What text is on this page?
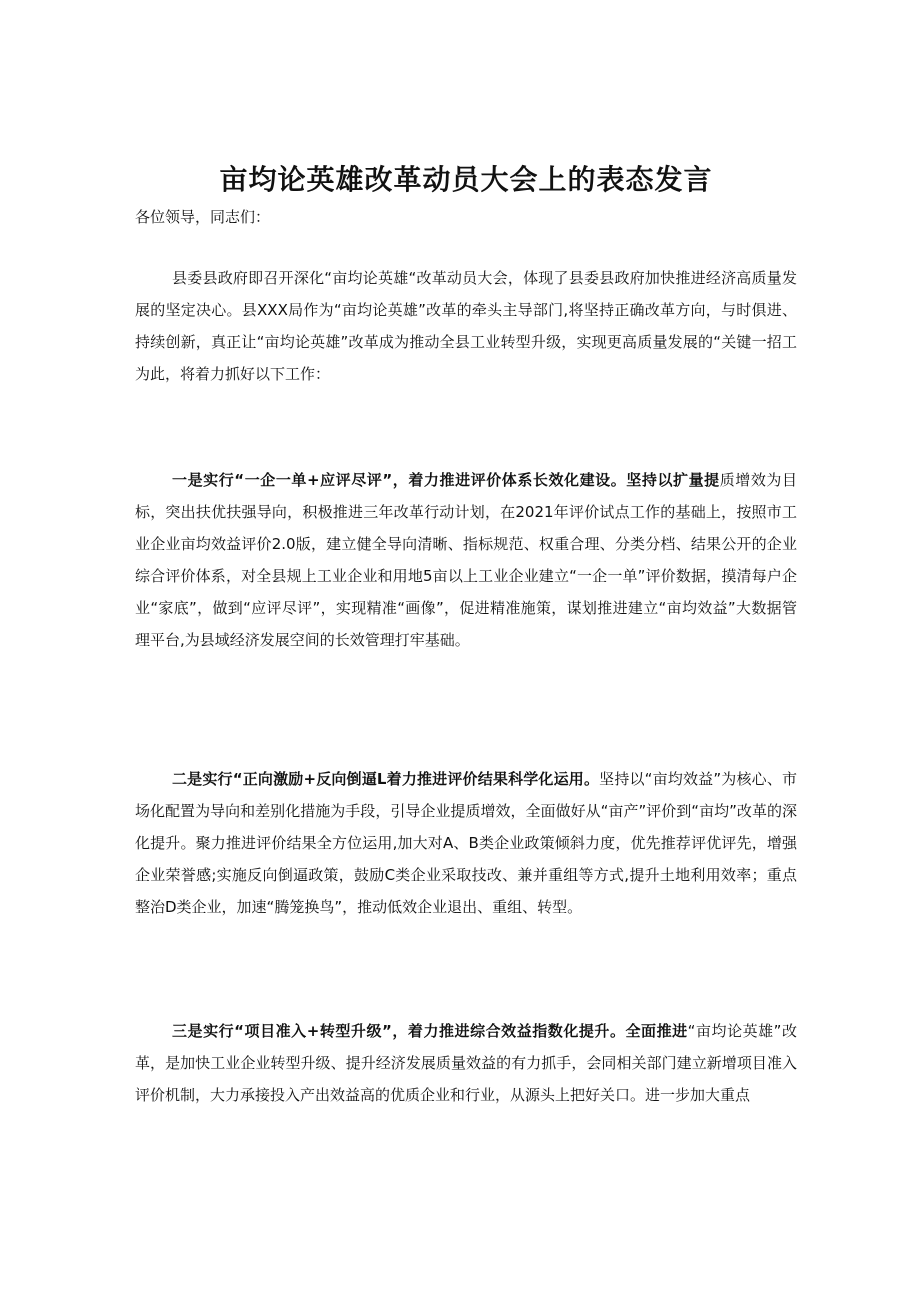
亩均论英雄改革动员大会上的表态发言
各位领导，同志们：

县委县政府即召开深化“亩均论英雄“改革动员大会，体现了县委县政府加快推进经济高质量发展的坚定决心。县XXX局作为“亩均论英雄”改革的牵头主导部门,将坚持正确改革方向，与时俱进、持续创新，真正让“亩均论英雄”改革成为推动全县工业转型升级，实现更高质量发展的“关键一招工为此，将着力抓好以下工作：

一是实行“一企一单+应评尽评”，着力推进评价体系长效化建设。坚持以扩量提质增效为目标，突出扶优扶强导向，积极推进三年改革行动计划，在2021年评价试点工作的基础上，按照市工业企业亩均效益评价2.0版，建立健全导向清晰、指标规范、权重合理、分类分档、结果公开的企业综合评价体系，对全县规上工业企业和用地5亩以上工业企业建立“一企一单”评价数据，摸清每户企业“家底”，做到“应评尽评”，实现精准“画像”，促进精准施策，谋划推进建立“亩均效益”大数据管理平台,为县域经济发展空间的长效管理打牢基础。

二是实行“正向激励+反向倒逼L着力推进评价结果科学化运用。坚持以“亩均效益”为核心、市场化配置为导向和差别化措施为手段，引导企业提质增效，全面做好从“亩产”评价到“亩均”改革的深化提升。聚力推进评价结果全方位运用,加大对A、B类企业政策倾斜力度，优先推荐评优评先，增强企业荣誉感;实施反向倒逼政策，鼓励C类企业采取技改、兼并重组等方式,提升土地利用效率；重点整治D类企业，加速“腾笼换鸟”，推动低效企业退出、重组、转型。

三是实行“项目准入+转型升级”，着力推进综合效益指数化提升。全面推进“亩均论英雄”改革，是加快工业企业转型升级、提升经济发展质量效益的有力抓手，会同相关部门建立新增项目准入评价机制，大力承接投入产出效益高的优质企业和行业，从源头上把好关口。进一步加大重点
